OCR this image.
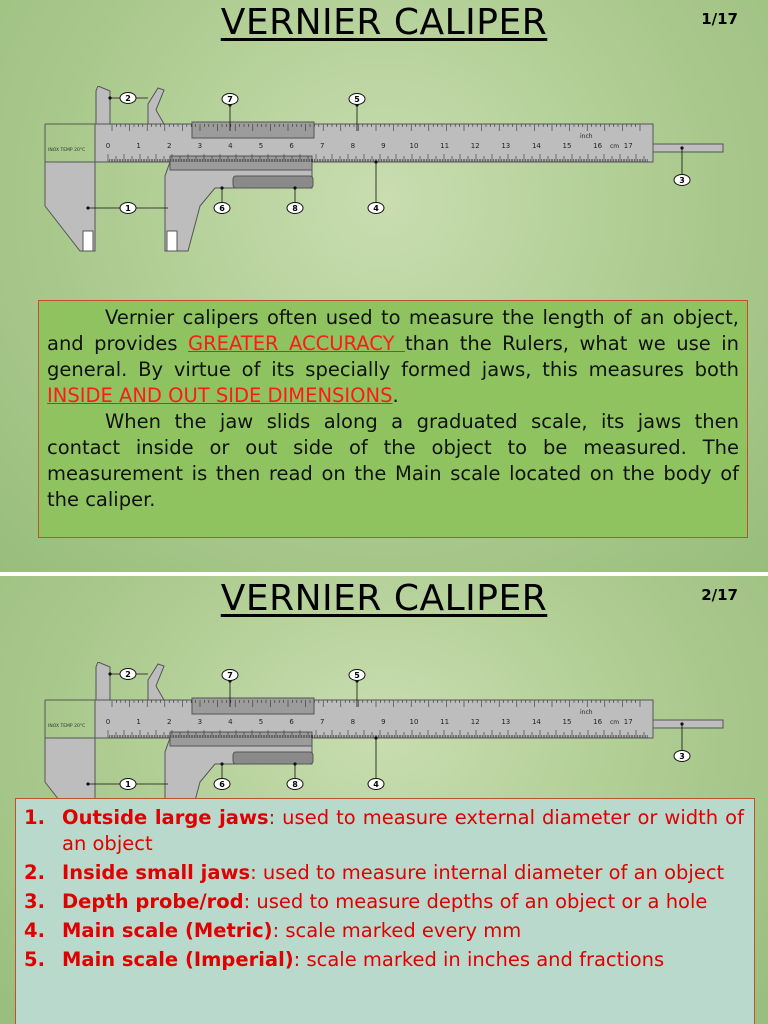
VERNIER CALIPER	1/17
0	1	2	3	4	5	6	7	8	9	10	11	12	13	14	15	16	17
cm
inch
INOX TEMP 20°C
1
2
3
4
5
6
7
8

Vernier calipers often used to measure the length of an object, and provides GREATER ACCURACY than the Rulers, what we use in general. By virtue of its specially formed jaws, this measures both INSIDE AND OUT SIDE DIMENSIONS.

When the jaw slids along a graduated scale, its jaws then contact inside or out side of the object to be measured. The measurement is then read on the Main scale located on the body of the caliper.

VERNIER CALIPER	2/17
0	1	2	3	4	5	6	7	8	9	10	11	12	13	14	15	16	17
cm
inch
INOX TEMP 20°C
1
2
3
4
5
6
7
8
1. Outside large jaws: used to measure external diameter or width of an object
2. Inside small jaws: used to measure internal diameter of an object
3. Depth probe/rod: used to measure depths of an object or a hole
4. Main scale (Metric): scale marked every mm
5. Main scale (Imperial): scale marked in inches and fractions
